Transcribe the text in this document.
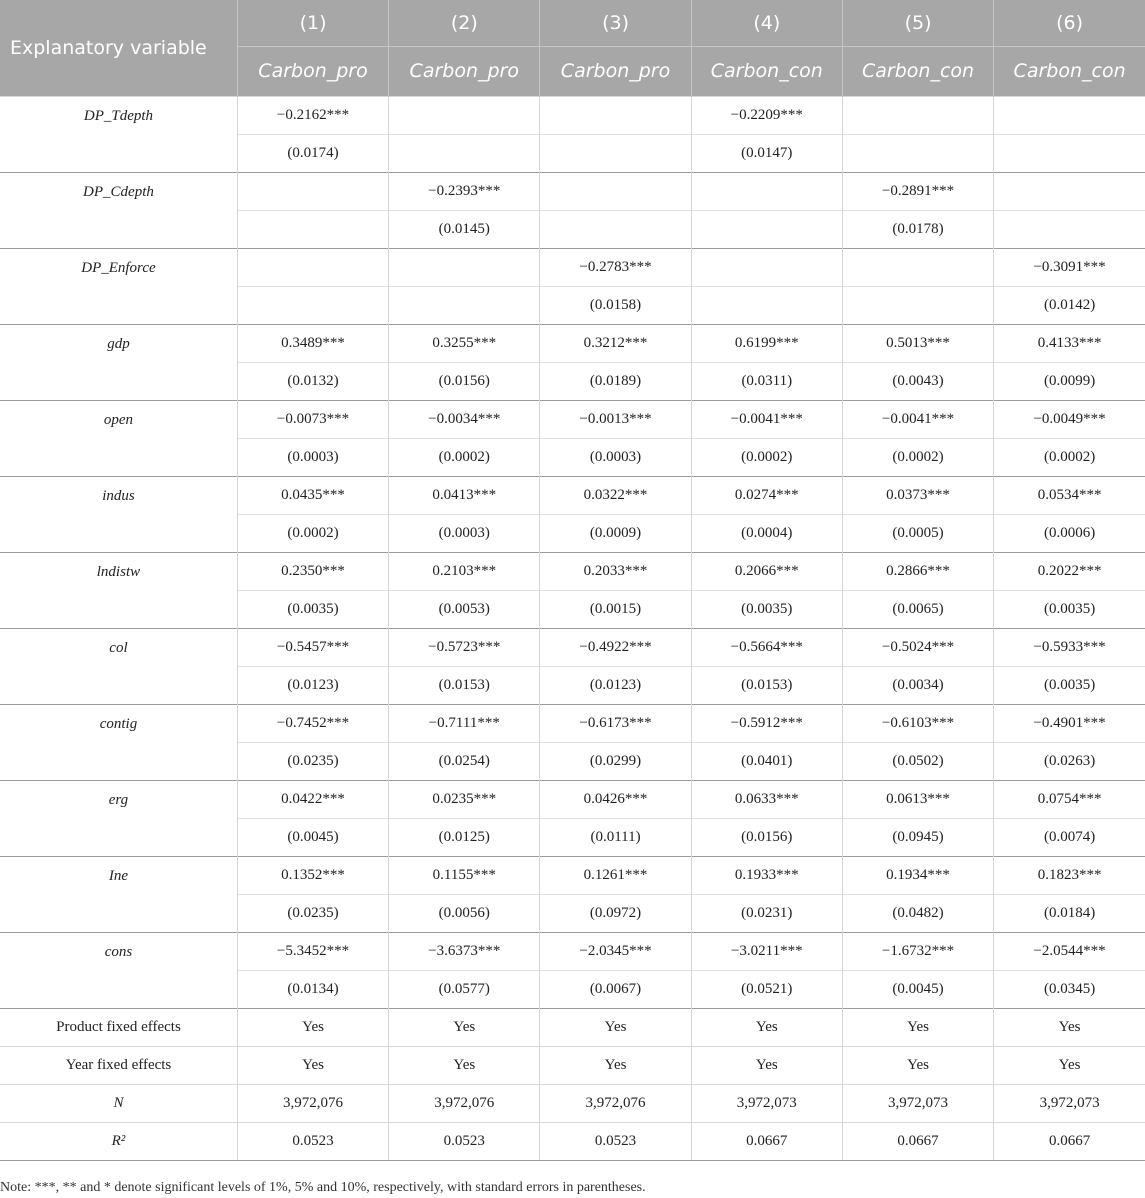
Explanatory variable	(1)	(2)	(3)	(4)	(5)	(6)
	Carbon_pro	Carbon_pro	Carbon_pro	Carbon_con	Carbon_con	Carbon_con
DP_Tdepth	−0.2162***			−0.2209***		
	(0.0174)			(0.0147)		
DP_Cdepth		−0.2393***			−0.2891***	
		(0.0145)			(0.0178)	
DP_Enforce			−0.2783***			−0.3091***
			(0.0158)			(0.0142)
gdp	0.3489***	0.3255***	0.3212***	0.6199***	0.5013***	0.4133***
	(0.0132)	(0.0156)	(0.0189)	(0.0311)	(0.0043)	(0.0099)
open	−0.0073***	−0.0034***	−0.0013***	−0.0041***	−0.0041***	−0.0049***
	(0.0003)	(0.0002)	(0.0003)	(0.0002)	(0.0002)	(0.0002)
indus	0.0435***	0.0413***	0.0322***	0.0274***	0.0373***	0.0534***
	(0.0002)	(0.0003)	(0.0009)	(0.0004)	(0.0005)	(0.0006)
lndistw	0.2350***	0.2103***	0.2033***	0.2066***	0.2866***	0.2022***
	(0.0035)	(0.0053)	(0.0015)	(0.0035)	(0.0065)	(0.0035)
col	−0.5457***	−0.5723***	−0.4922***	−0.5664***	−0.5024***	−0.5933***
	(0.0123)	(0.0153)	(0.0123)	(0.0153)	(0.0034)	(0.0035)
contig	−0.7452***	−0.7111***	−0.6173***	−0.5912***	−0.6103***	−0.4901***
	(0.0235)	(0.0254)	(0.0299)	(0.0401)	(0.0502)	(0.0263)
erg	0.0422***	0.0235***	0.0426***	0.0633***	0.0613***	0.0754***
	(0.0045)	(0.0125)	(0.0111)	(0.0156)	(0.0945)	(0.0074)
Ine	0.1352***	0.1155***	0.1261***	0.1933***	0.1934***	0.1823***
	(0.0235)	(0.0056)	(0.0972)	(0.0231)	(0.0482)	(0.0184)
cons	−5.3452***	−3.6373***	−2.0345***	−3.0211***	−1.6732***	−2.0544***
	(0.0134)	(0.0577)	(0.0067)	(0.0521)	(0.0045)	(0.0345)
Product fixed effects	Yes	Yes	Yes	Yes	Yes	Yes
Year fixed effects	Yes	Yes	Yes	Yes	Yes	Yes
N	3,972,076	3,972,076	3,972,076	3,972,073	3,972,073	3,972,073
R²	0.0523	0.0523	0.0523	0.0667	0.0667	0.0667
Note: ***, ** and * denote significant levels of 1%, 5% and 10%, respectively, with standard errors in parentheses.
